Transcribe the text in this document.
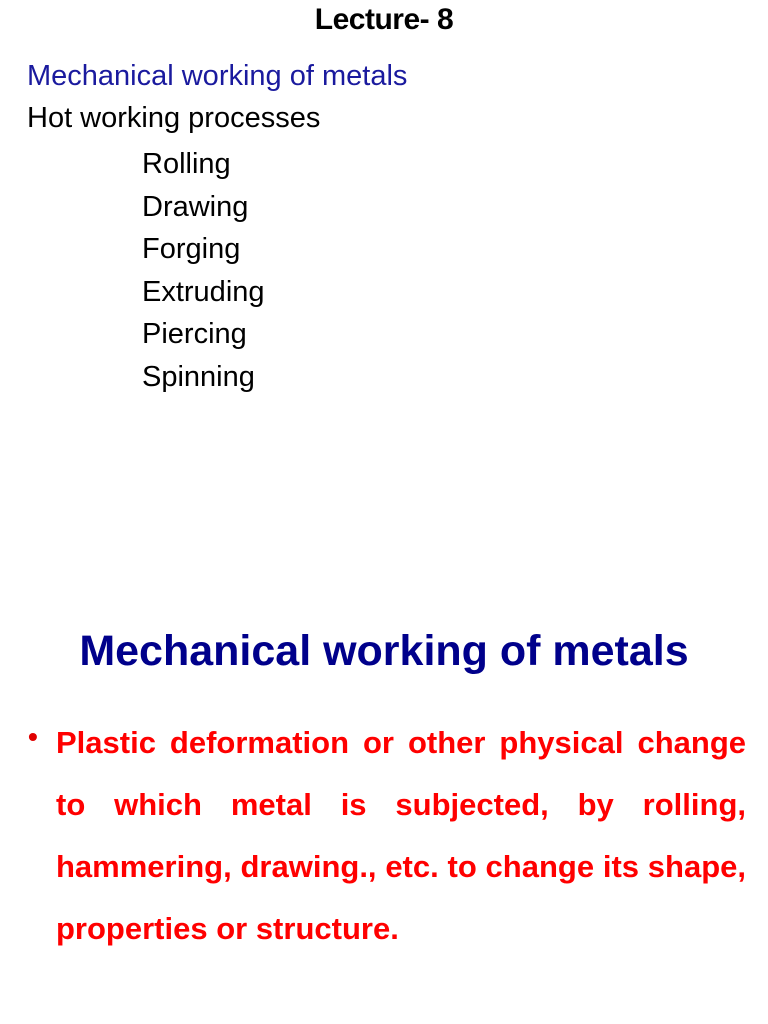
Lecture- 8
Mechanical working of metals
Hot working processes
Rolling
Drawing
Forging
Extruding
Piercing
Spinning
Mechanical working of metals
• Plastic deformation or other physical change to which metal is subjected, by rolling, hammering, drawing., etc. to change its shape, properties or structure.
